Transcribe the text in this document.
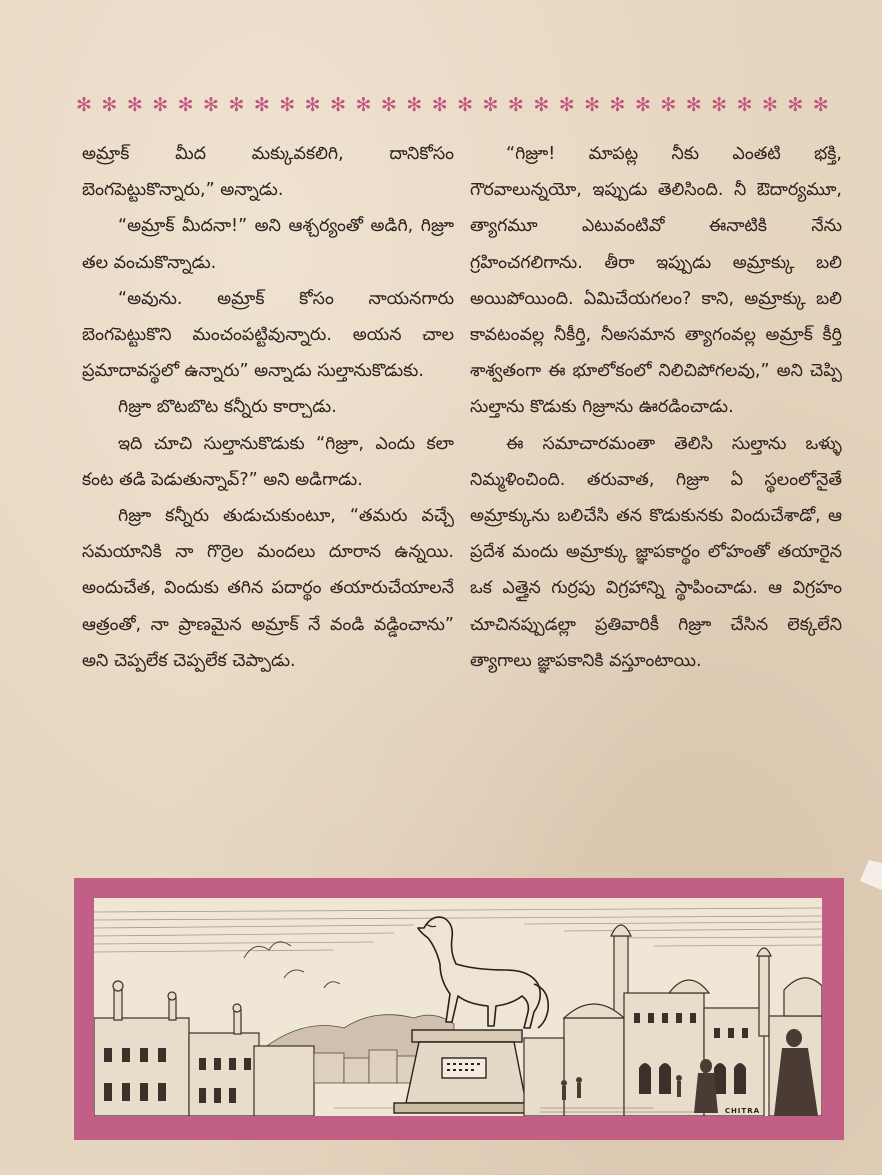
✻ ✻ ✻ ✻ ✻ ✻ ✻ ✻ ✻ ✻ ✻ ✻ ✻ ✻ ✻ ✻ ✻ ✻ ✻ ✻ ✻ ✻ ✻ ✻ ✻ ✻ ✻ ✻ ✻ ✻

అమ్రాక్ మీద మక్కువకలిగి, దానికోసం బెంగపెట్టుకొన్నారు,” అన్నాడు.

“అమ్రాక్ మీదనా!” అని ఆశ్చర్యంతో అడిగి, గిజ్రూ తల వంచుకొన్నాడు.

“అవును. అమ్రాక్ కోసం నాయనగారు బెంగపెట్టుకొని మంచంపట్టివున్నారు. అయన చాల ప్రమాదావస్థలో ఉన్నారు” అన్నాడు సుల్తానుకొడుకు.

గిజ్రూ బొటబొట కన్నీరు కార్చాడు.

ఇది చూచి సుల్తానుకొడుకు “గిజ్రూ, ఎందు కలా కంట తడి పెడుతున్నావ్?” అని అడిగాడు.

గిజ్రూ కన్నీరు తుడుచుకుంటూ, “తమరు వచ్చే సమయానికి నా గొర్రెల మందలు దూరాన ఉన్నయి. అందుచేత, విందుకు తగిన పదార్థం తయారుచేయాలనే ఆత్రంతో, నా ప్రాణమైన అమ్రాక్ నే వండి వడ్డించాను” అని చెప్పలేక చెప్పలేక చెప్పాడు.

“గిజ్రూ! మాపట్ల నీకు ఎంతటి భక్తి, గౌరవాలున్నయో, ఇప్పుడు తెలిసింది. నీ ఔదార్యమూ, త్యాగమూ ఎటువంటివో ఈనాటికి నేను గ్రహించగలిగాను. తీరా ఇప్పుడు అమ్రాక్కు బలి అయిపోయింది. ఏమిచేయగలం? కాని, అమ్రాక్కు బలి కావటంవల్ల నీకీర్తి, నీఅసమాన త్యాగంవల్ల అమ్రాక్ కీర్తి శాశ్వతంగా ఈ భూలోకంలో నిలిచిపోగలవు,” అని చెప్పి సుల్తాను కొడుకు గిజ్రూను ఊరడించాడు.

ఈ సమాచారమంతా తెలిసి సుల్తాను ఒళ్ళు నిమ్మళించింది. తరువాత, గిజ్రూ ఏ స్థలంలోనైతే అమ్రాక్కును బలిచేసి తన కొడుకునకు విందుచేశాడో, ఆ ప్రదేశ మందు అమ్రాక్కు జ్ఞాపకార్థం లోహంతో తయారైన ఒక ఎత్తైన గుర్రపు విగ్రహాన్ని స్థాపించాడు. ఆ విగ్రహం చూచినప్పుడల్లా ప్రతివారికీ గిజ్రూ చేసిన లెక్కలేని త్యాగాలు జ్ఞాపకానికి వస్తూంటాయి.

CHITRA
